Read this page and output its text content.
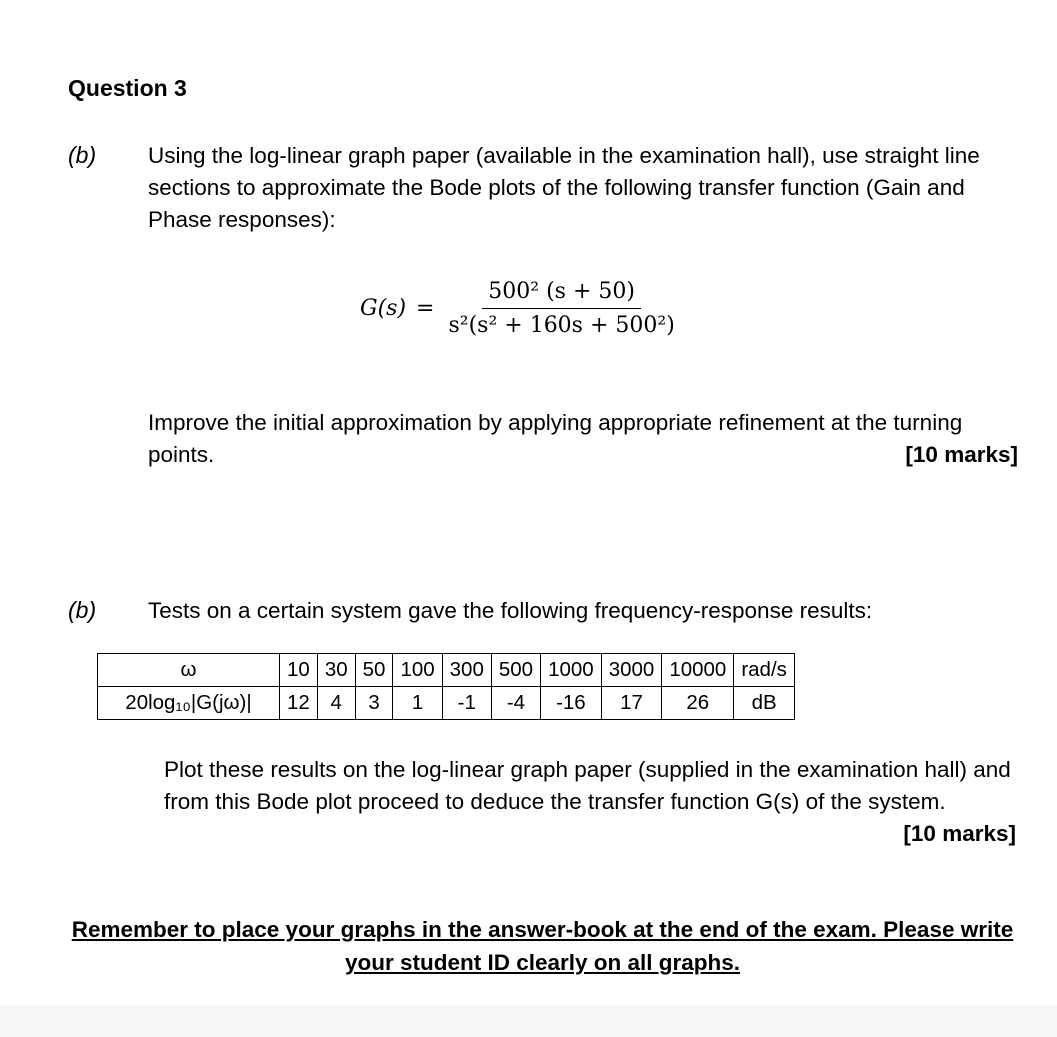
Question 3
(b) Using the log-linear graph paper (available in the examination hall), use straight line sections to approximate the Bode plots of the following transfer function (Gain and Phase responses):
$G(s) = \frac{\text{500² (s + 50)}}{\text{s²(s² + 160s + 500²)}}$
Improve the initial approximation by applying appropriate refinement at the turning points.	[10 marks]
(b) Tests on a certain system gave the following frequency-response results:
ω	10	30	50	100	300	500	1000	3000	10000	rad/s
20log₁₀|G(jω)|	12	4	3	1	-1	-4	-16	17	26	dB
Plot these results on the log-linear graph paper (supplied in the examination hall) and from this Bode plot proceed to deduce the transfer function G(s) of the system.
[10 marks]
Remember to place your graphs in the answer-book at the end of the exam. Please write your student ID clearly on all graphs.
